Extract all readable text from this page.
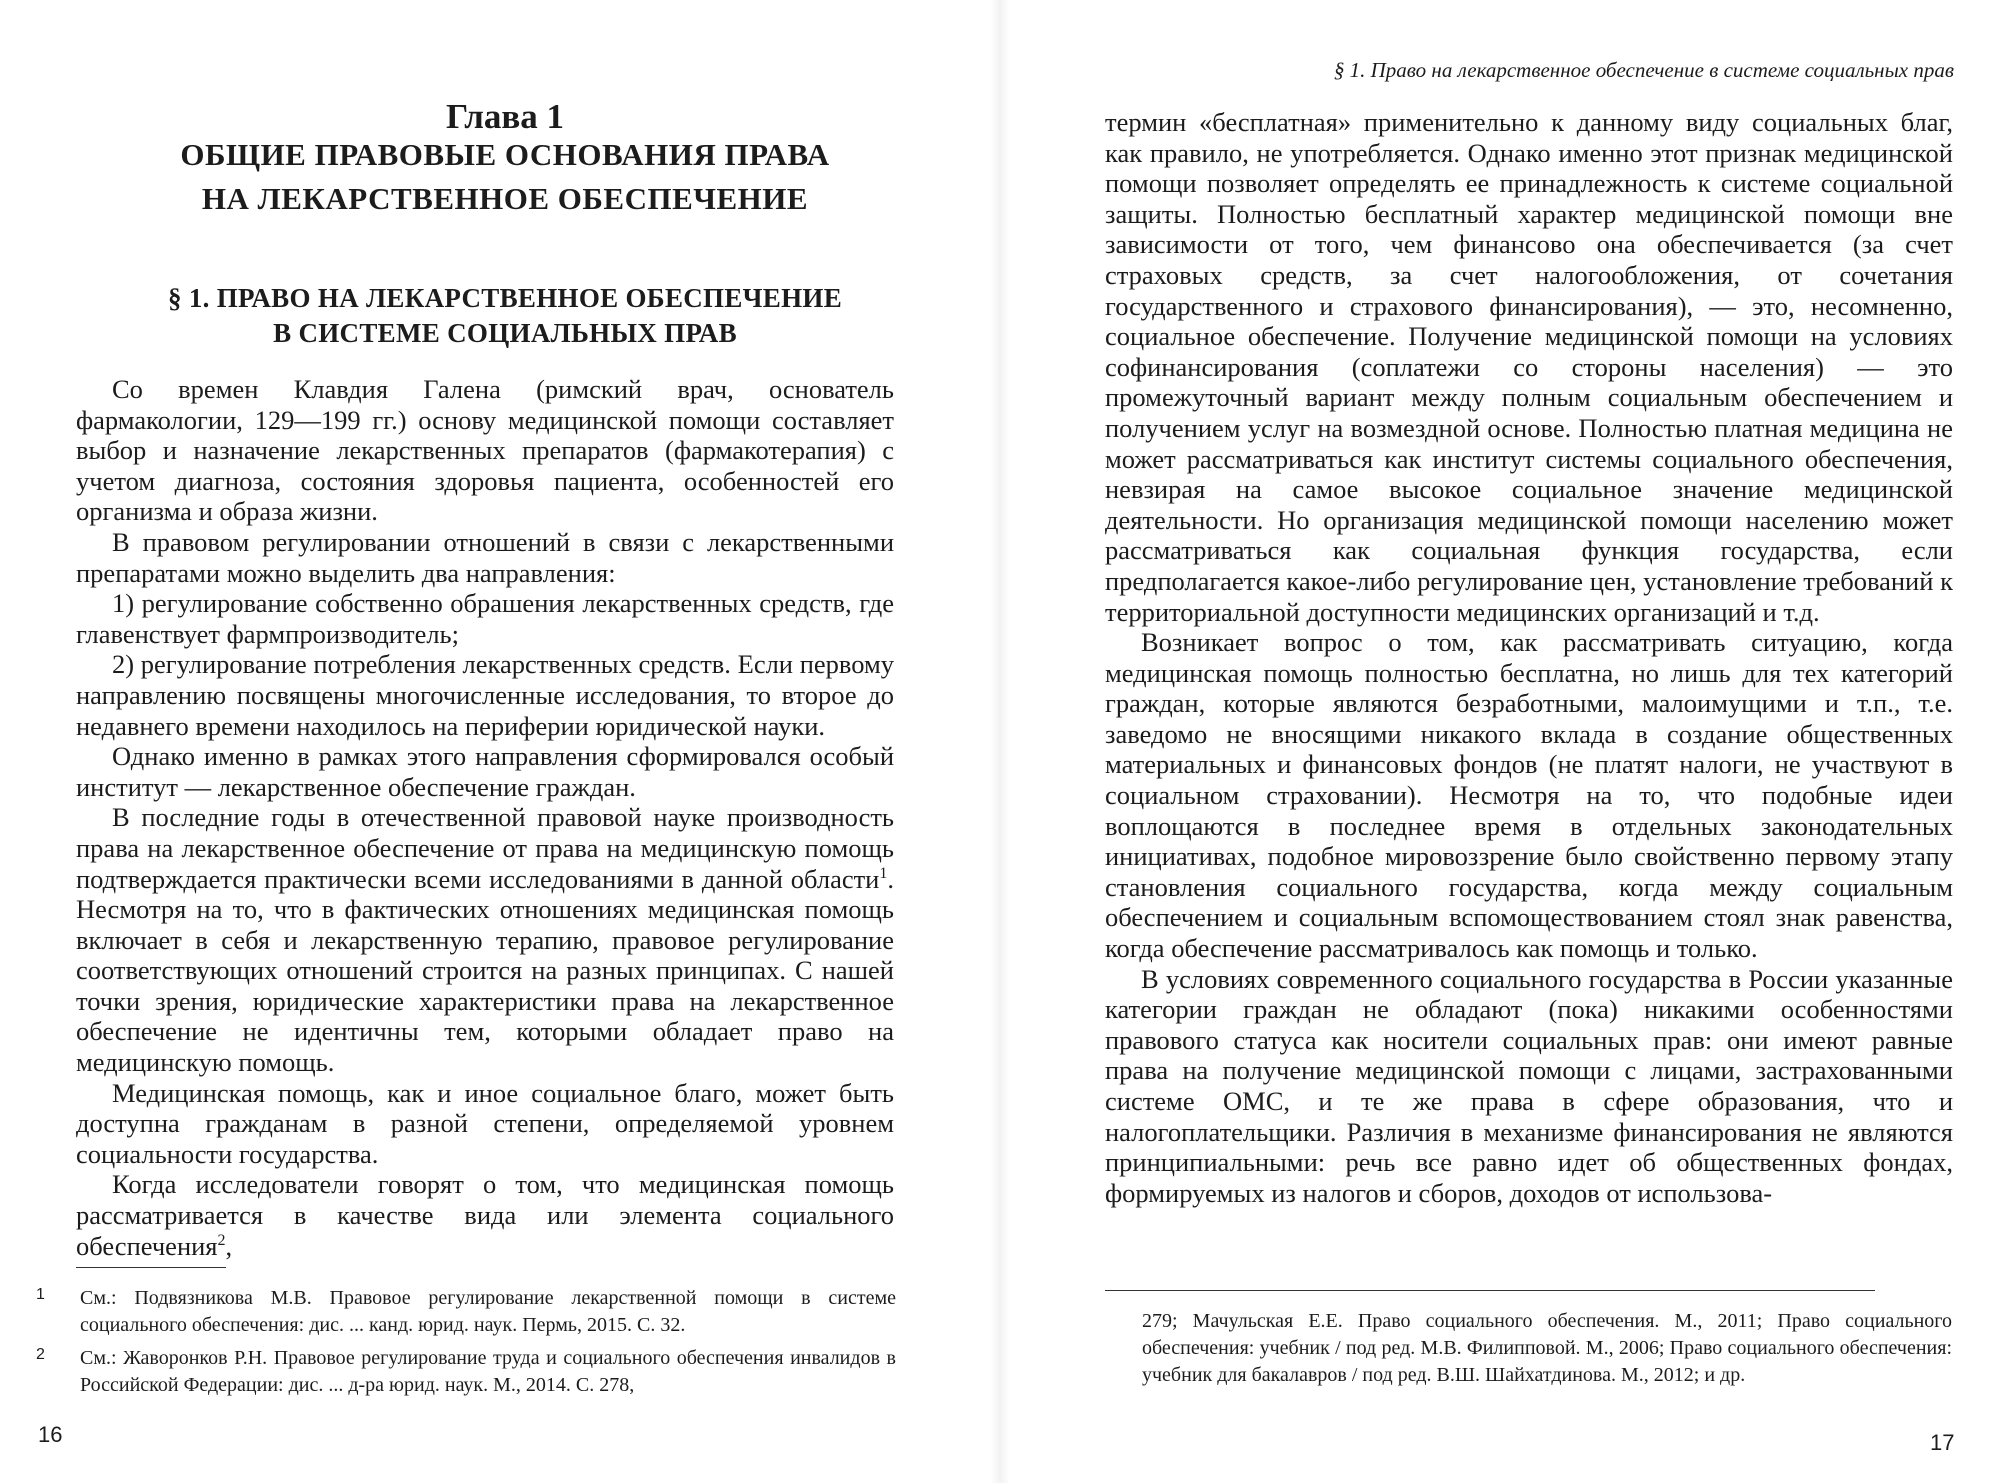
Глава 1
ОБЩИЕ ПРАВОВЫЕ ОСНОВАНИЯ ПРАВА
НА ЛЕКАРСТВЕННОЕ ОБЕСПЕЧЕНИЕ
§ 1. ПРАВО НА ЛЕКАРСТВЕННОЕ ОБЕСПЕЧЕНИЕ
В СИСТЕМЕ СОЦИАЛЬНЫХ ПРАВ

Со времен Клавдия Галена (римский врач, основатель фармакологии, 129—199 гг.) основу медицинской помощи составляет выбор и назначение лекарственных препаратов (фармакотерапия) с учетом диагноза, состояния здоровья пациента, особенностей его организма и образа жизни.

В правовом регулировании отношений в связи с лекарственными препаратами можно выделить два направления:

1) регулирование собственно обрашения лекарственных средств, где главенствует фармпроизводитель;

2) регулирование потребления лекарственных средств. Если первому направлению посвящены многочисленные исследования, то второе до недавнего времени находилось на периферии юридической науки.

Однако именно в рамках этого направления сформировался особый институт — лекарственное обеспечение граждан.

В последние годы в отечественной правовой науке производность права на лекарственное обеспечение от права на медицинскую помощь подтверждается практически всеми исследованиями в данной области$^1$. Несмотря на то, что в фактических отношениях медицинская помощь включает в себя и лекарственную терапию, правовое регулирование соответствующих отношений строится на разных принципах. С нашей точки зрения, юридические характеристики права на лекарственное обеспечение не идентичны тем, которыми обладает право на медицинскую помощь.

Медицинская помощь, как и иное социальное благо, может быть доступна гражданам в разной степени, определяемой уровнем социальности государства.

Когда исследователи говорят о том, что медицинская помощь рассматривается в качестве вида или элемента социального обеспечения$^2$,

1	См.: Подвязникова М.В. Правовое регулирование лекарственной помощи в системе социального обеспечения: дис. ... канд. юрид. наук. Пермь, 2015. С. 32.
2	См.: Жаворонков Р.Н. Правовое регулирование труда и социального обеспечения инвалидов в Российской Федерации: дис. ... д-ра юрид. наук. М., 2014. С. 278,
16
§ 1. Право на лекарственное обеспечение в системе социальных прав

термин «бесплатная» применительно к данному виду социальных благ, как правило, не употребляется. Однако именно этот признак медицинской помощи позволяет определять ее принадлежность к системе социальной защиты. Полностью бесплатный характер медицинской помощи вне зависимости от того, чем финансово она обеспечивается (за счет страховых средств, за счет налогообложения, от сочетания государственного и страхового финансирования), — это, несомненно, социальное обеспечение. Получение медицинской помощи на условиях софинансирования (соплатежи со стороны населения) — это промежуточный вариант между полным социальным обеспечением и получением услуг на возмездной основе. Полностью платная медицина не может рассматриваться как институт системы социального обеспечения, невзирая на самое высокое социальное значение медицинской деятельности. Но организация медицинской помощи населению может рассматриваться как социальная функция государства, если предполагается какое-либо регулирование цен, установление требований к территориальной доступности медицинских организаций и т.д.

Возникает вопрос о том, как рассматривать ситуацию, когда медицинская помощь полностью бесплатна, но лишь для тех категорий граждан, которые являются безработными, малоимущими и т.п., т.е. заведомо не вносящими никакого вклада в создание общественных материальных и финансовых фондов (не платят налоги, не участвуют в социальном страховании). Несмотря на то, что подобные идеи воплощаются в последнее время в отдельных законодательных инициативах, подобное мировоззрение было свойственно первому этапу становления социального государства, когда между социальным обеспечением и социальным вспомоществованием стоял знак равенства, когда обеспечение рассматривалось как помощь и только.

В условиях современного социального государства в России указанные категории граждан не обладают (пока) никакими особенностями правового статуса как носители социальных прав: они имеют равные права на получение медицинской помощи с лицами, застрахованными системе ОМС, и те же права в сфере образования, что и налогоплательщики. Различия в механизме финансирования не являются принципиальными: речь все равно идет об общественных фондах, формируемых из налогов и сборов, доходов от использова-

279; Мачульская Е.Е. Право социального обеспечения. М., 2011; Право социального обеспечения: учебник / под ред. М.В. Филипповой. М., 2006; Право социального обеспечения: учебник для бакалавров / под ред. В.Ш. Шайхатдинова. М., 2012; и др.
17
